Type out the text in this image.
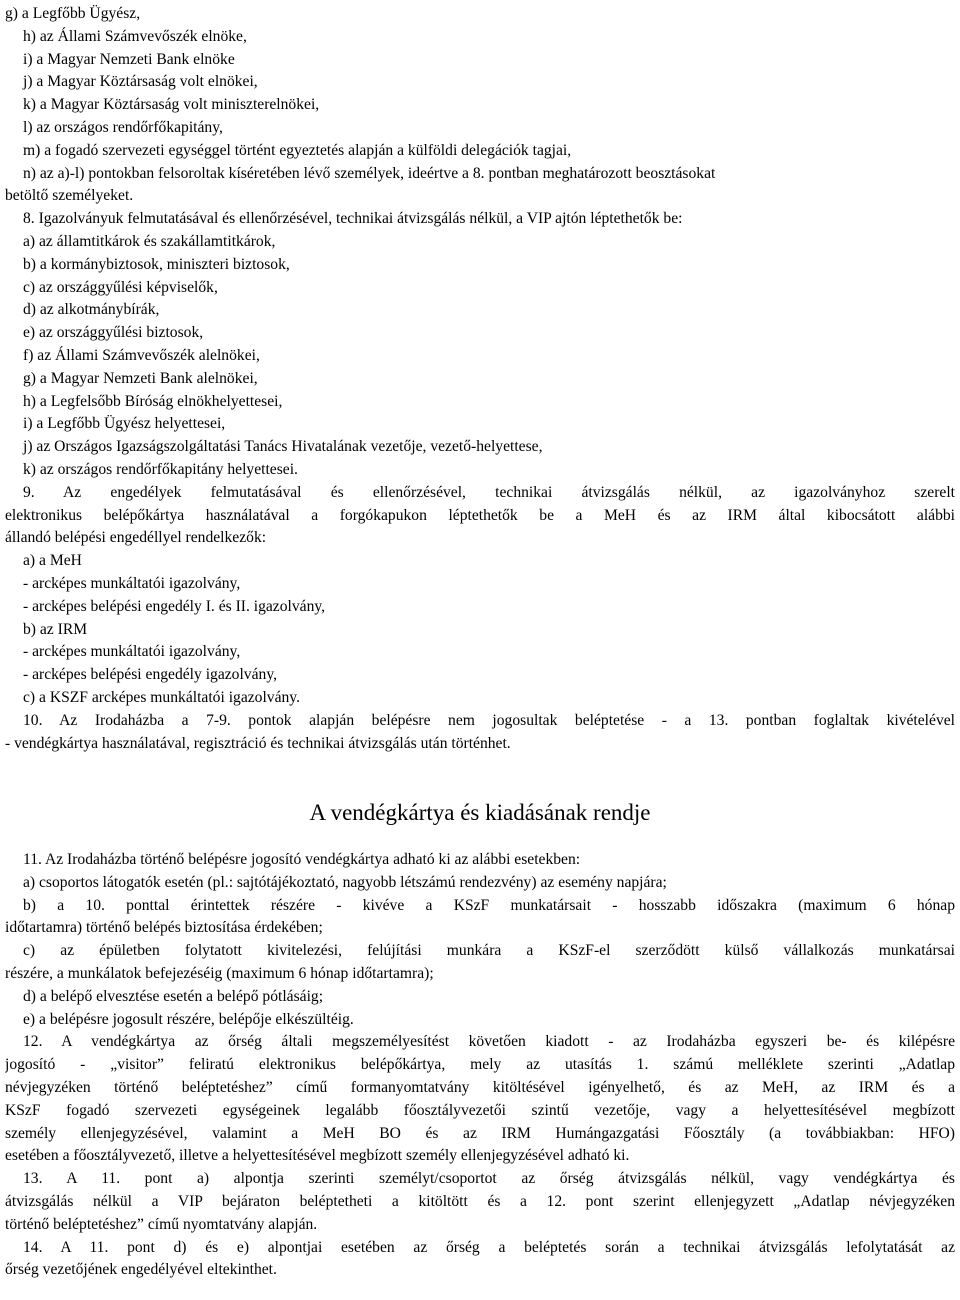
g) a Legfőbb Ügyész,
h) az Állami Számvevőszék elnöke,
i) a Magyar Nemzeti Bank elnöke
j) a Magyar Köztársaság volt elnökei,
k) a Magyar Köztársaság volt miniszterelnökei,
l) az országos rendőrfőkapitány,
m) a fogadó szervezeti egységgel történt egyeztetés alapján a külföldi delegációk tagjai,
n) az a)-l) pontokban felsoroltak kíséretében lévő személyek, ideértve a 8. pontban meghatározott beosztásokat
betöltő személyeket.
8. Igazolványuk felmutatásával és ellenőrzésével, technikai átvizsgálás nélkül, a VIP ajtón léptethetők be:
a) az államtitkárok és szakállamtitkárok,
b) a kormánybiztosok, miniszteri biztosok,
c) az országgyűlési képviselők,
d) az alkotmánybírák,
e) az országgyűlési biztosok,
f) az Állami Számvevőszék alelnökei,
g) a Magyar Nemzeti Bank alelnökei,
h) a Legfelsőbb Bíróság elnökhelyettesei,
i) a Legfőbb Ügyész helyettesei,
j) az Országos Igazságszolgáltatási Tanács Hivatalának vezetője, vezető-helyettese,
k) az országos rendőrfőkapitány helyettesei.
9. Az engedélyek felmutatásával és ellenőrzésével, technikai átvizsgálás nélkül, az igazolványhoz szerelt
elektronikus belépőkártya használatával a forgókapukon léptethetők be a MeH és az IRM által kibocsátott alábbi
állandó belépési engedéllyel rendelkezők:
a) a MeH
- arcképes munkáltatói igazolvány,
- arcképes belépési engedély I. és II. igazolvány,
b) az IRM
- arcképes munkáltatói igazolvány,
- arcképes belépési engedély igazolvány,
c) a KSZF arcképes munkáltatói igazolvány.
10. Az Irodaházba a 7-9. pontok alapján belépésre nem jogosultak beléptetése - a 13. pontban foglaltak kivételével
- vendégkártya használatával, regisztráció és technikai átvizsgálás után történhet.
A vendégkártya és kiadásának rendje
11. Az Irodaházba történő belépésre jogosító vendégkártya adható ki az alábbi esetekben:
a) csoportos látogatók esetén (pl.: sajtótájékoztató, nagyobb létszámú rendezvény) az esemény napjára;
b) a 10. ponttal érintettek részére - kivéve a KSzF munkatársait - hosszabb időszakra (maximum 6 hónap
időtartamra) történő belépés biztosítása érdekében;
c) az épületben folytatott kivitelezési, felújítási munkára a KSzF-el szerződött külső vállalkozás munkatársai
részére, a munkálatok befejezéséig (maximum 6 hónap időtartamra);
d) a belépő elvesztése esetén a belépő pótlásáig;
e) a belépésre jogosult részére, belépője elkészültéig.
12. A vendégkártya az őrség általi megszemélyesítést követően kiadott - az Irodaházba egyszeri be- és kilépésre
jogosító - „visitor” feliratú elektronikus belépőkártya, mely az utasítás 1. számú melléklete szerinti „Adatlap
névjegyzéken történő beléptetéshez” című formanyomtatvány kitöltésével igényelhető, és az MeH, az IRM és a
KSzF fogadó szervezeti egységeinek legalább főosztályvezetői szintű vezetője, vagy a helyettesítésével megbízott
személy ellenjegyzésével, valamint a MeH BO és az IRM Humángazgatási Főosztály (a továbbiakban: HFO)
esetében a főosztályvezető, illetve a helyettesítésével megbízott személy ellenjegyzésével adható ki.
13. A 11. pont a) alpontja szerinti személyt/csoportot az őrség átvizsgálás nélkül, vagy vendégkártya és
átvizsgálás nélkül a VIP bejáraton beléptetheti a kitöltött és a 12. pont szerint ellenjegyzett „Adatlap névjegyzéken
történő beléptetéshez” című nyomtatvány alapján.
14. A 11. pont d) és e) alpontjai esetében az őrség a beléptetés során a technikai átvizsgálás lefolytatását az
őrség vezetőjének engedélyével eltekinthet.
